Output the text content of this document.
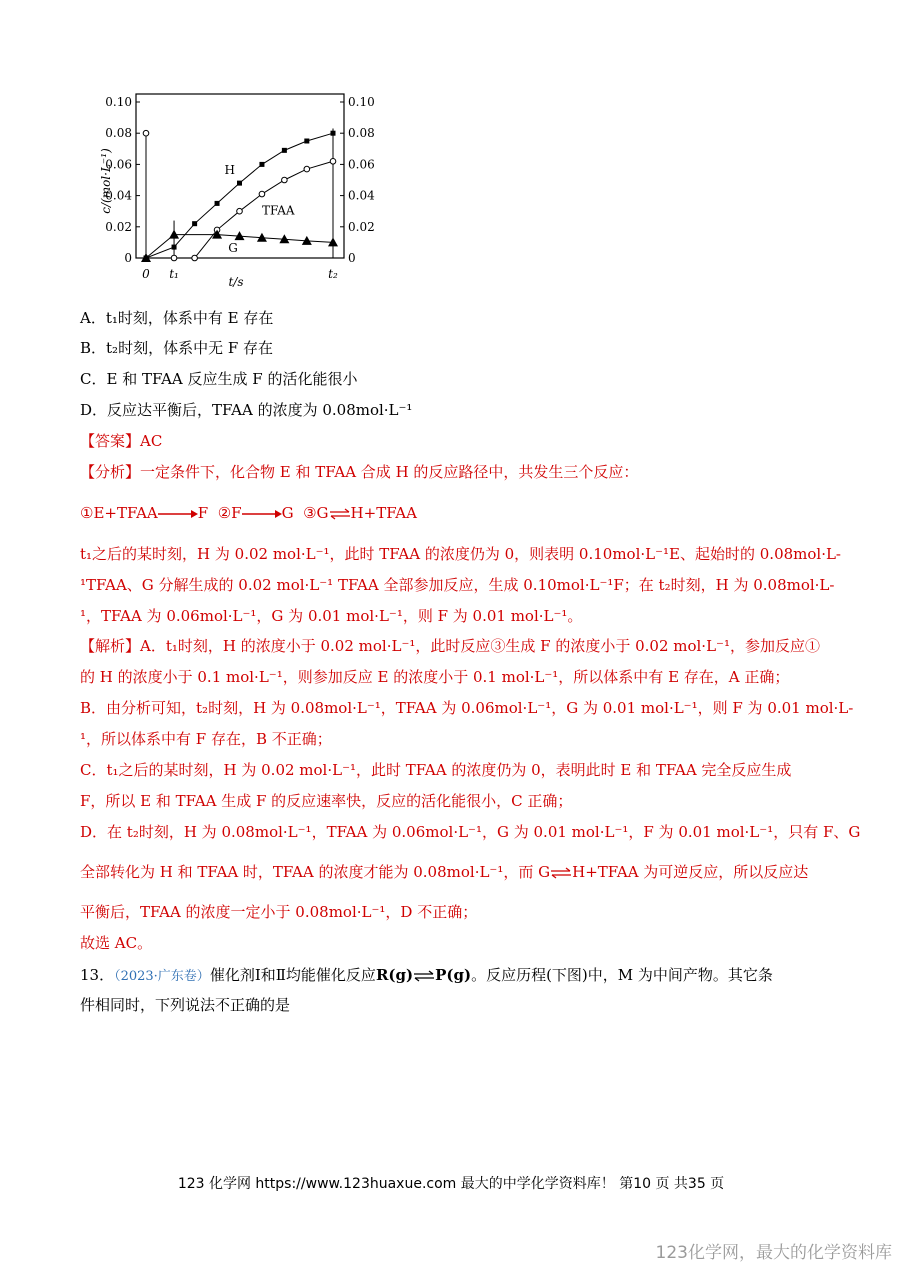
0.10	0.10
0.08	0.08
0.06	0.06
0.04	0.04
0.02	0.02
0	0
c/(mol·L⁻¹)
0 t₁	t₂
t/s
H
TFAA
G
A．t₁时刻，体系中有 E 存在
B．t₂时刻，体系中无 F 存在
C．E 和 TFAA 反应生成 F 的活化能很小
D．反应达平衡后，TFAA 的浓度为 0.08mol·L⁻¹
【答案】AC
【分析】一定条件下，化合物 E 和 TFAA 合成 H 的反应路径中，共发生三个反应：
①E+TFAA	F ②F	G ③G⇌H+TFAA
t₁之后的某时刻，H 为 0.02 mol·L⁻¹，此时 TFAA 的浓度仍为 0，则表明 0.10mol·L⁻¹E、起始时的 0.08mol·L-
¹TFAA、G 分解生成的 0.02 mol·L⁻¹ TFAA 全部参加反应，生成 0.10mol·L⁻¹F；在 t₂时刻，H 为 0.08mol·L-
¹，TFAA 为 0.06mol·L⁻¹，G 为 0.01 mol·L⁻¹，则 F 为 0.01 mol·L⁻¹。
【解析】A．t₁时刻，H 的浓度小于 0.02 mol·L⁻¹，此时反应③生成 F 的浓度小于 0.02 mol·L⁻¹，参加反应①
的 H 的浓度小于 0.1 mol·L⁻¹，则参加反应 E 的浓度小于 0.1 mol·L⁻¹，所以体系中有 E 存在，A 正确；
B．由分析可知，t₂时刻，H 为 0.08mol·L⁻¹，TFAA 为 0.06mol·L⁻¹，G 为 0.01 mol·L⁻¹，则 F 为 0.01 mol·L-
¹，所以体系中有 F 存在，B 不正确；
C．t₁之后的某时刻，H 为 0.02 mol·L⁻¹，此时 TFAA 的浓度仍为 0，表明此时 E 和 TFAA 完全反应生成
F，所以 E 和 TFAA 生成 F 的反应速率快，反应的活化能很小，C 正确；
D．在 t₂时刻，H 为 0.08mol·L⁻¹，TFAA 为 0.06mol·L⁻¹，G 为 0.01 mol·L⁻¹，F 为 0.01 mol·L⁻¹，只有 F、G
全部转化为 H 和 TFAA 时，TFAA 的浓度才能为 0.08mol·L⁻¹，而 G⇌H+TFAA 为可逆反应，所以反应达
平衡后，TFAA 的浓度一定小于 0.08mol·L⁻¹，D 不正确；
故选 AC。
13．（2023·广东卷）催化剂Ⅰ和Ⅱ均能催化反应R(g)⇌P(g)。反应历程(下图)中，M 为中间产物。其它条
件相同时，下列说法不正确的是
123 化学网 https://www.123huaxue.com 最大的中学化学资料库！ 第10 页 共35 页
123化学网，最大的化学资料库
